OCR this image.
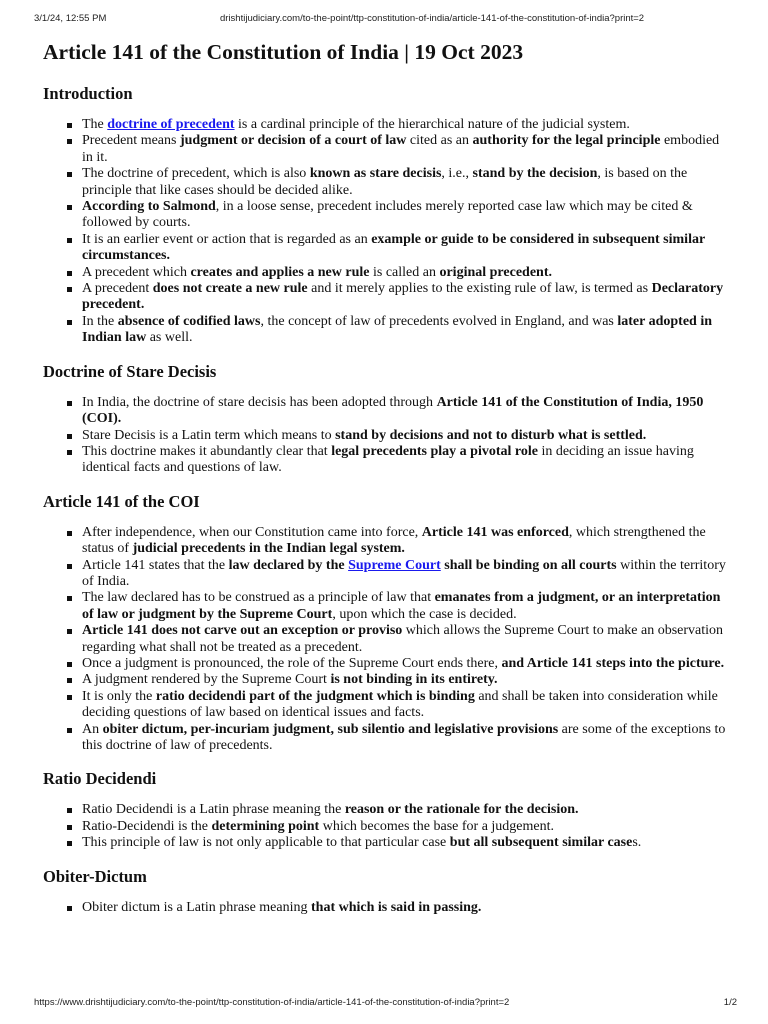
3/1/24, 12:55 PM	drishtijudiciary.com/to-the-point/ttp-constitution-of-india/article-141-of-the-constitution-of-india?print=2
Article 141 of the Constitution of India | 19 Oct 2023
Introduction
The doctrine of precedent is a cardinal principle of the hierarchical nature of the judicial system.
Precedent means judgment or decision of a court of law cited as an authority for the legal principle embodied in it.
The doctrine of precedent, which is also known as stare decisis, i.e., stand by the decision, is based on the principle that like cases should be decided alike.
According to Salmond, in a loose sense, precedent includes merely reported case law which may be cited & followed by courts.
It is an earlier event or action that is regarded as an example or guide to be considered in subsequent similar circumstances.
A precedent which creates and applies a new rule is called an original precedent.
A precedent does not create a new rule and it merely applies to the existing rule of law, is termed as Declaratory precedent.
In the absence of codified laws, the concept of law of precedents evolved in England, and was later adopted in Indian law as well.
Doctrine of Stare Decisis
In India, the doctrine of stare decisis has been adopted through Article 141 of the Constitution of India, 1950 (COI).
Stare Decisis is a Latin term which means to stand by decisions and not to disturb what is settled.
This doctrine makes it abundantly clear that legal precedents play a pivotal role in deciding an issue having identical facts and questions of law.
Article 141 of the COI
After independence, when our Constitution came into force, Article 141 was enforced, which strengthened the status of judicial precedents in the Indian legal system.
Article 141 states that the law declared by the Supreme Court shall be binding on all courts within the territory of India.
The law declared has to be construed as a principle of law that emanates from a judgment, or an interpretation of law or judgment by the Supreme Court, upon which the case is decided.
Article 141 does not carve out an exception or proviso which allows the Supreme Court to make an observation regarding what shall not be treated as a precedent.
Once a judgment is pronounced, the role of the Supreme Court ends there, and Article 141 steps into the picture.
A judgment rendered by the Supreme Court is not binding in its entirety.
It is only the ratio decidendi part of the judgment which is binding and shall be taken into consideration while deciding questions of law based on identical issues and facts.
An obiter dictum, per-incuriam judgment, sub silentio and legislative provisions are some of the exceptions to this doctrine of law of precedents.
Ratio Decidendi
Ratio Decidendi is a Latin phrase meaning the reason or the rationale for the decision.
Ratio-Decidendi is the determining point which becomes the base for a judgement.
This principle of law is not only applicable to that particular case but all subsequent similar cases.
Obiter-Dictum
Obiter dictum is a Latin phrase meaning that which is said in passing.
https://www.drishtijudiciary.com/to-the-point/ttp-constitution-of-india/article-141-of-the-constitution-of-india?print=2	1/2
